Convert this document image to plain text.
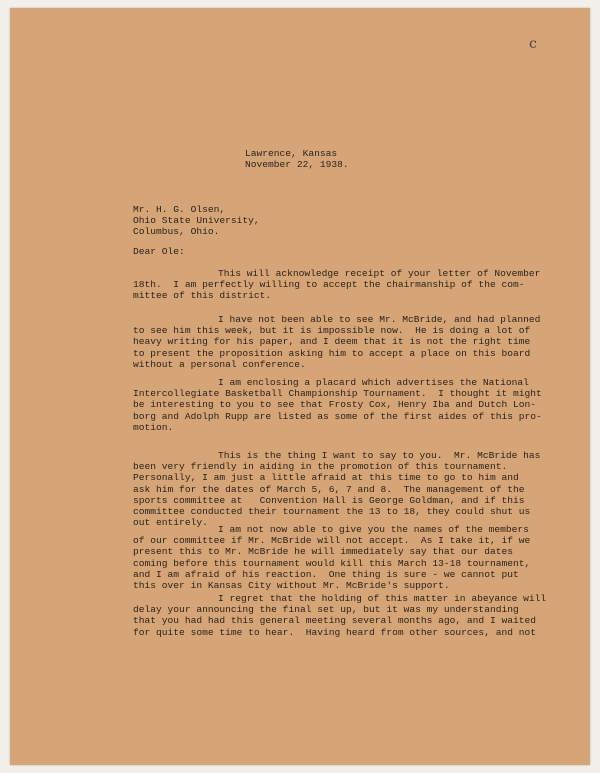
c
Lawrence, Kansas
November 22, 1938.
Mr. H. G. Olsen,
Ohio State University,
Columbus, Ohio.
Dear Ole:
This will acknowledge receipt of your letter of November
18th.  I am perfectly willing to accept the chairmanship of the com-
mittee of this district.
I have not been able to see Mr. McBride, and had planned
to see him this week, but it is impossible now.  He is doing a lot of
heavy writing for his paper, and I deem that it is not the right time
to present the proposition asking him to accept a place on this board
without a personal conference.
I am enclosing a placard which advertises the National
Intercollegiate Basketball Championship Tournament.  I thought it might
be interesting to you to see that Frosty Cox, Henry Iba and Dutch Lon-
borg and Adolph Rupp are listed as some of the first aides of this pro-
motion.
This is the thing I want to say to you.  Mr. McBride has
been very friendly in aiding in the promotion of this tournament.
Personally, I am just a little afraid at this time to go to him and
ask him for the dates of March 5, 6, 7 and 8.  The management of the
sports committee at   Convention Hall is George Goldman, and if this
committee conducted their tournament the 13 to 18, they could shut us
out entirely.
I am not now able to give you the names of the members
of our committee if Mr. McBride will not accept.  As I take it, if we
present this to Mr. McBride he will immediately say that our dates
coming before this tournament would kill this March 13-18 tournament,
and I am afraid of his reaction.  One thing is sure - we cannot put
this over in Kansas City without Mr. McBride's support.
I regret that the holding of this matter in abeyance will
delay your announcing the final set up, but it was my understanding
that you had had this general meeting several months ago, and I waited
for quite some time to hear.  Having heard from other sources, and not
